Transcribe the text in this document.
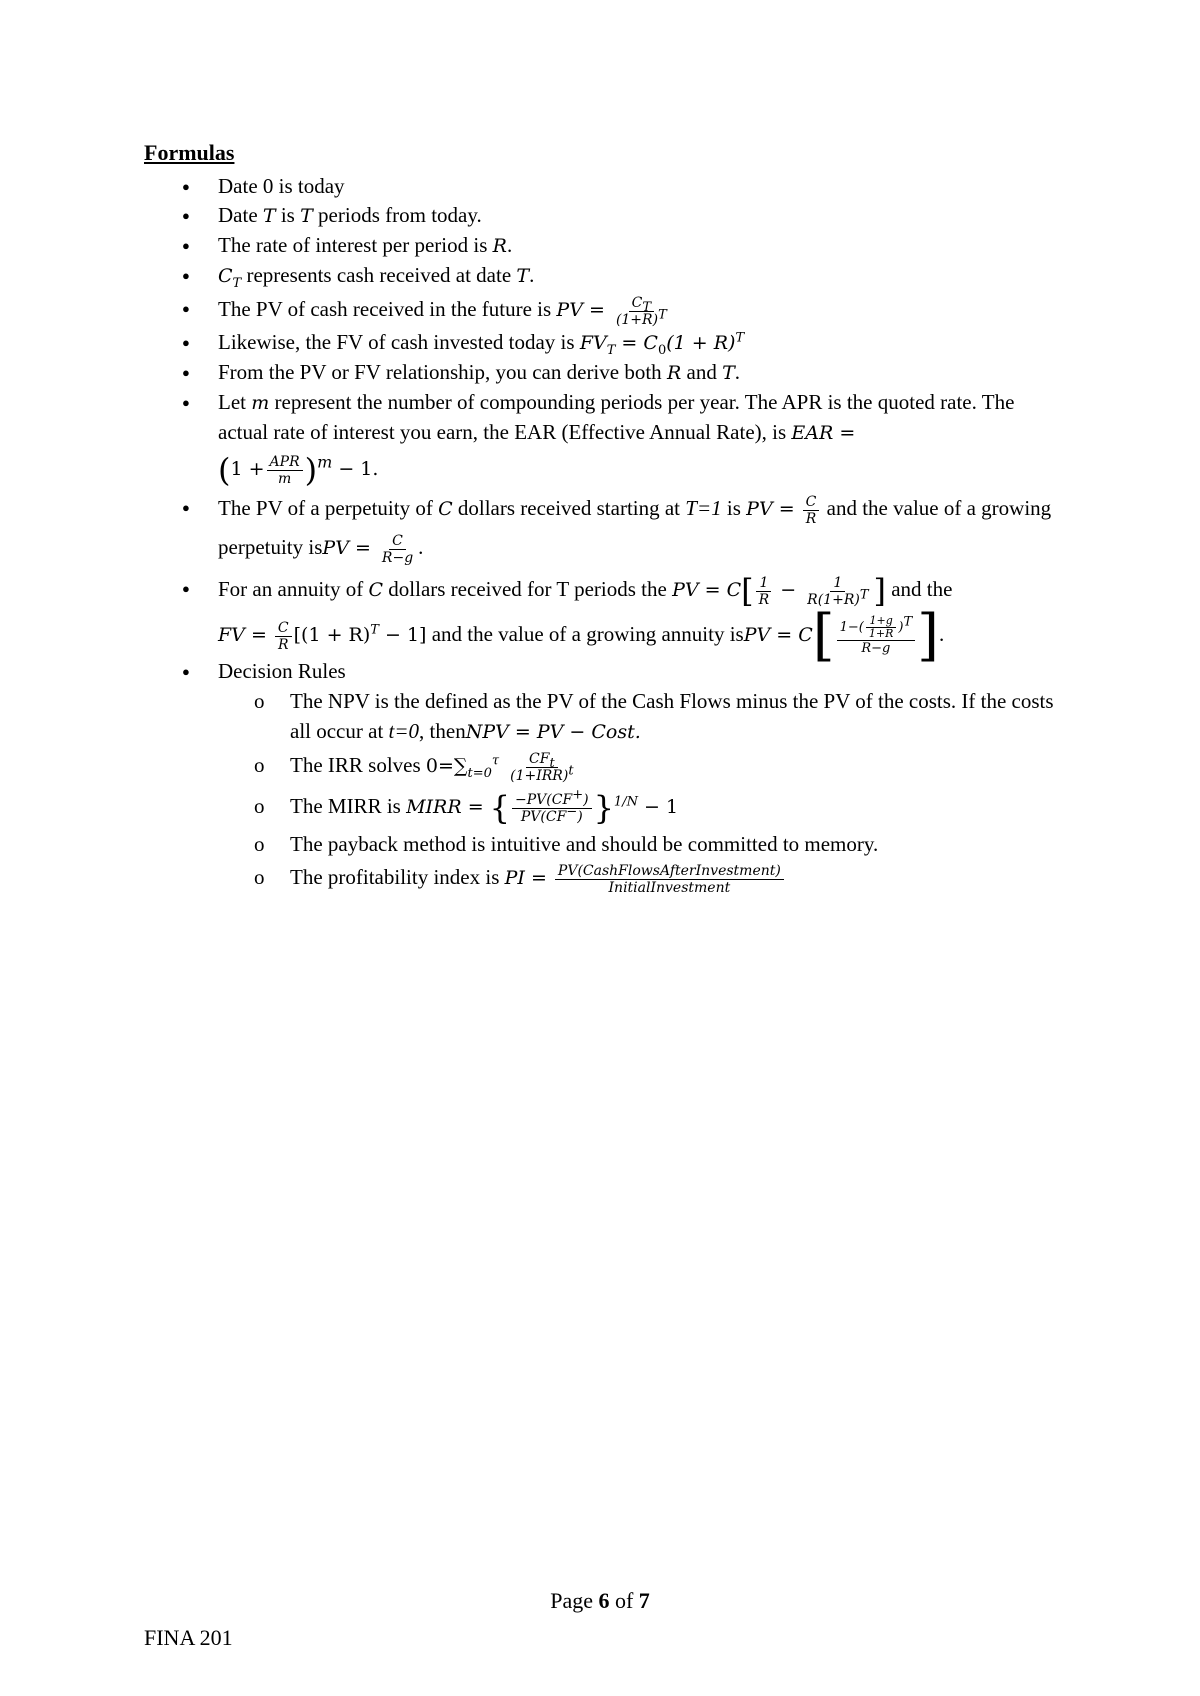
Formulas
● Date 0 is today
● Date T is T periods from today.
● The rate of interest per period is R.
● $C_T$ represents cash received at date T.
● The PV of cash received in the future is PV = $\frac{C_T}{(1+R)^T}$
● Likewise, the FV of cash invested today is $FV_T = C_0(1 + R)^T$
● From the PV or FV relationship, you can derive both R and T.
● Let m represent the number of compounding periods per year. The APR is the quoted rate. The actual rate of interest you earn, the EAR (Effective Annual Rate), is EAR =
$(1 + \frac{\text{APR}}{m} )^m - 1$.
● The PV of a perpetuity of C dollars received starting at T=1 is PV = $\frac{C}{R}$ and the value of a growing perpetuity isPV = $\frac{C}{R-g}$ .
● For an annuity of C dollars received for T periods the PV = $C[ \frac{1}{R} - \frac{1}{R(1+R)^T}$ ] and the
FV = $\frac{C}{R} [(1 + R)^T - 1]$ and the value of a growing annuity isPV = $C[ \frac{1-( \frac{1+g}{1+R} )^T}{R-g}$ ].
● Decision Rules
o The NPV is the defined as the PV of the Cash Flows minus the PV of the costs. If the costs all occur at t=0, thenNPV = PV − Cost.
o The IRR solves $0=\sum_{t=0}^\tau \frac{CF_t}{(1+IRR)^t}$
o The MIRR is MIRR = { $\frac{-PV(CF^+)}{PV(CF^-)} \}^{1/N} - 1$
o The payback method is intuitive and should be committed to memory.
o The profitability index is PI = $\frac{\text{PV(CashFlowsAfterInvestment)}}{\text{InitialInvestment}}$
Page 6 of 7
FINA 201
